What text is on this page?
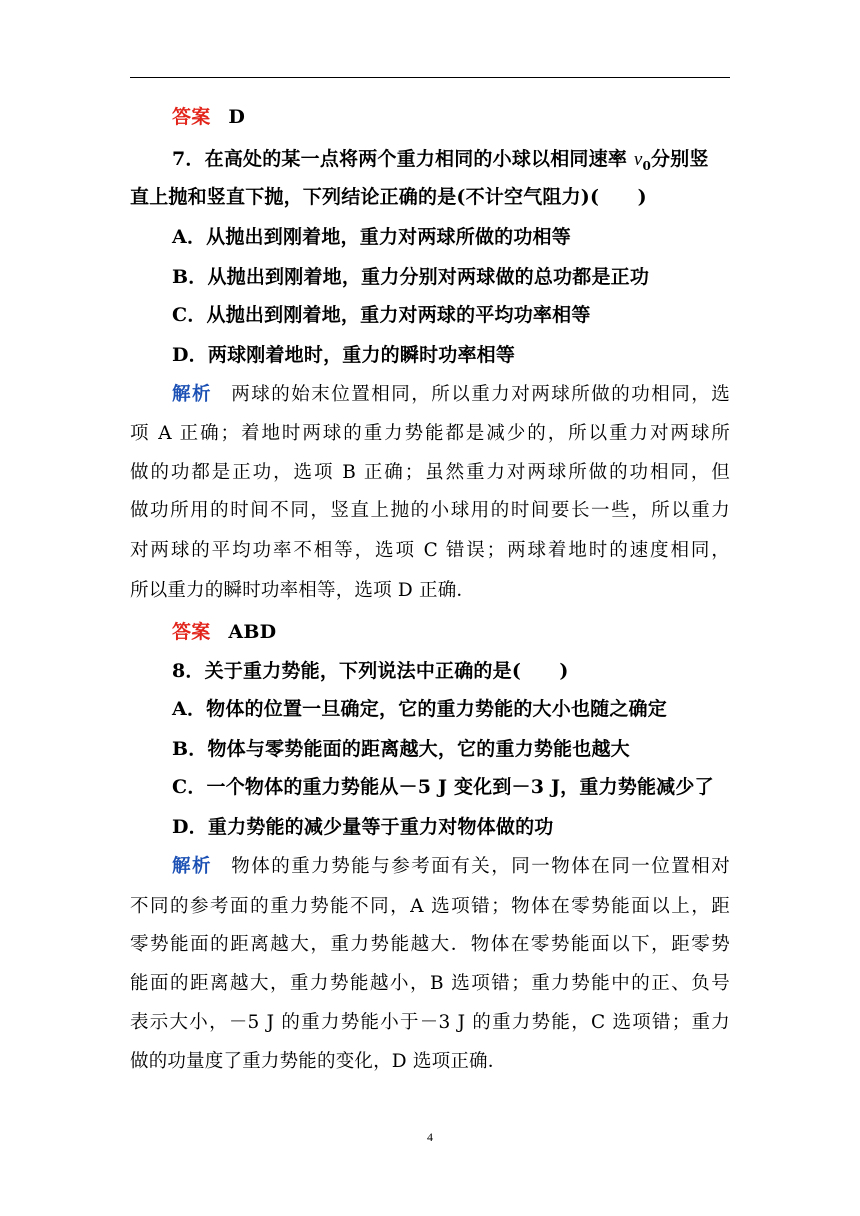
答案 D
7．在高处的某一点将两个重力相同的小球以相同速率 $v_0$分别竖
直上抛和竖直下抛，下列结论正确的是(不计空气阻力)(　　)
A．从抛出到刚着地，重力对两球所做的功相等
B．从抛出到刚着地，重力分别对两球做的总功都是正功
C．从抛出到刚着地，重力对两球的平均功率相等
D．两球刚着地时，重力的瞬时功率相等
解析 两球的始末位置相同，所以重力对两球所做的功相同，选
项 A 正确；着地时两球的重力势能都是减少的，所以重力对两球所
做的功都是正功，选项 B 正确；虽然重力对两球所做的功相同，但
做功所用的时间不同，竖直上抛的小球用的时间要长一些，所以重力
对两球的平均功率不相等，选项 C 错误；两球着地时的速度相同，
所以重力的瞬时功率相等，选项 D 正确．
答案 ABD
8．关于重力势能，下列说法中正确的是(　　)
A．物体的位置一旦确定，它的重力势能的大小也随之确定
B．物体与零势能面的距离越大，它的重力势能也越大
C．一个物体的重力势能从－5 J 变化到－3 J，重力势能减少了
D．重力势能的减少量等于重力对物体做的功
解析 物体的重力势能与参考面有关，同一物体在同一位置相对
不同的参考面的重力势能不同，A 选项错；物体在零势能面以上，距
零势能面的距离越大，重力势能越大．物体在零势能面以下，距零势
能面的距离越大，重力势能越小，B 选项错；重力势能中的正、负号
表示大小，－5 J 的重力势能小于－3 J 的重力势能，C 选项错；重力
做的功量度了重力势能的变化，D 选项正确．
4
